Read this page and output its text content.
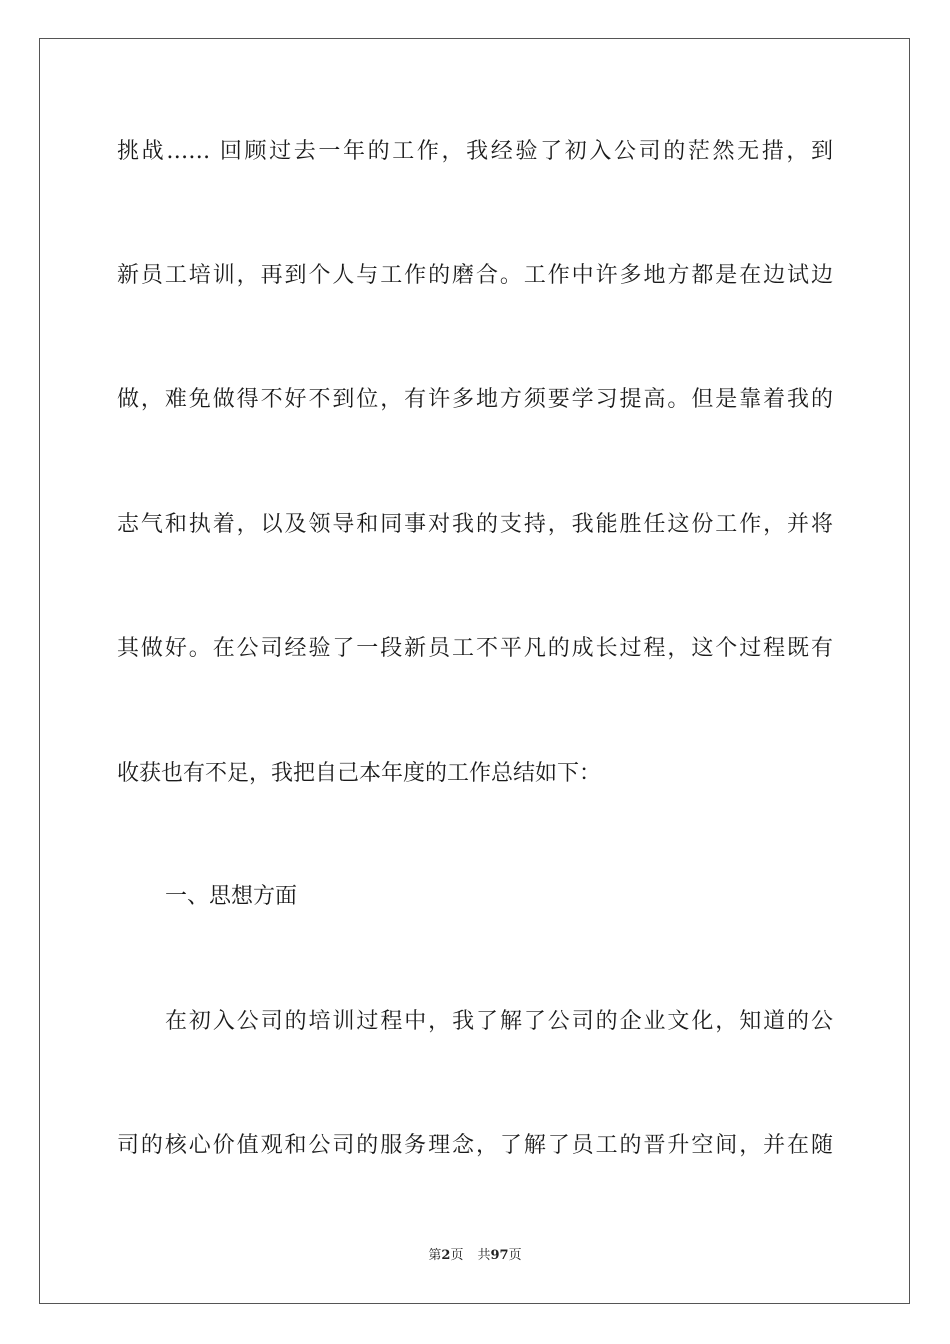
挑战…… 回顾过去一年的工作，我经验了初入公司的茫然无措，到
新员工培训，再到个人与工作的磨合。工作中许多地方都是在边试边
做，难免做得不好不到位，有许多地方须要学习提高。但是靠着我的
志气和执着，以及领导和同事对我的支持，我能胜任这份工作，并将
其做好。在公司经验了一段新员工不平凡的成长过程，这个过程既有
收获也有不足，我把自己本年度的工作总结如下：
一、思想方面
在初入公司的培训过程中，我了解了公司的企业文化，知道的公
司的核心价值观和公司的服务理念，了解了员工的晋升空间，并在随
第2页 共97页
